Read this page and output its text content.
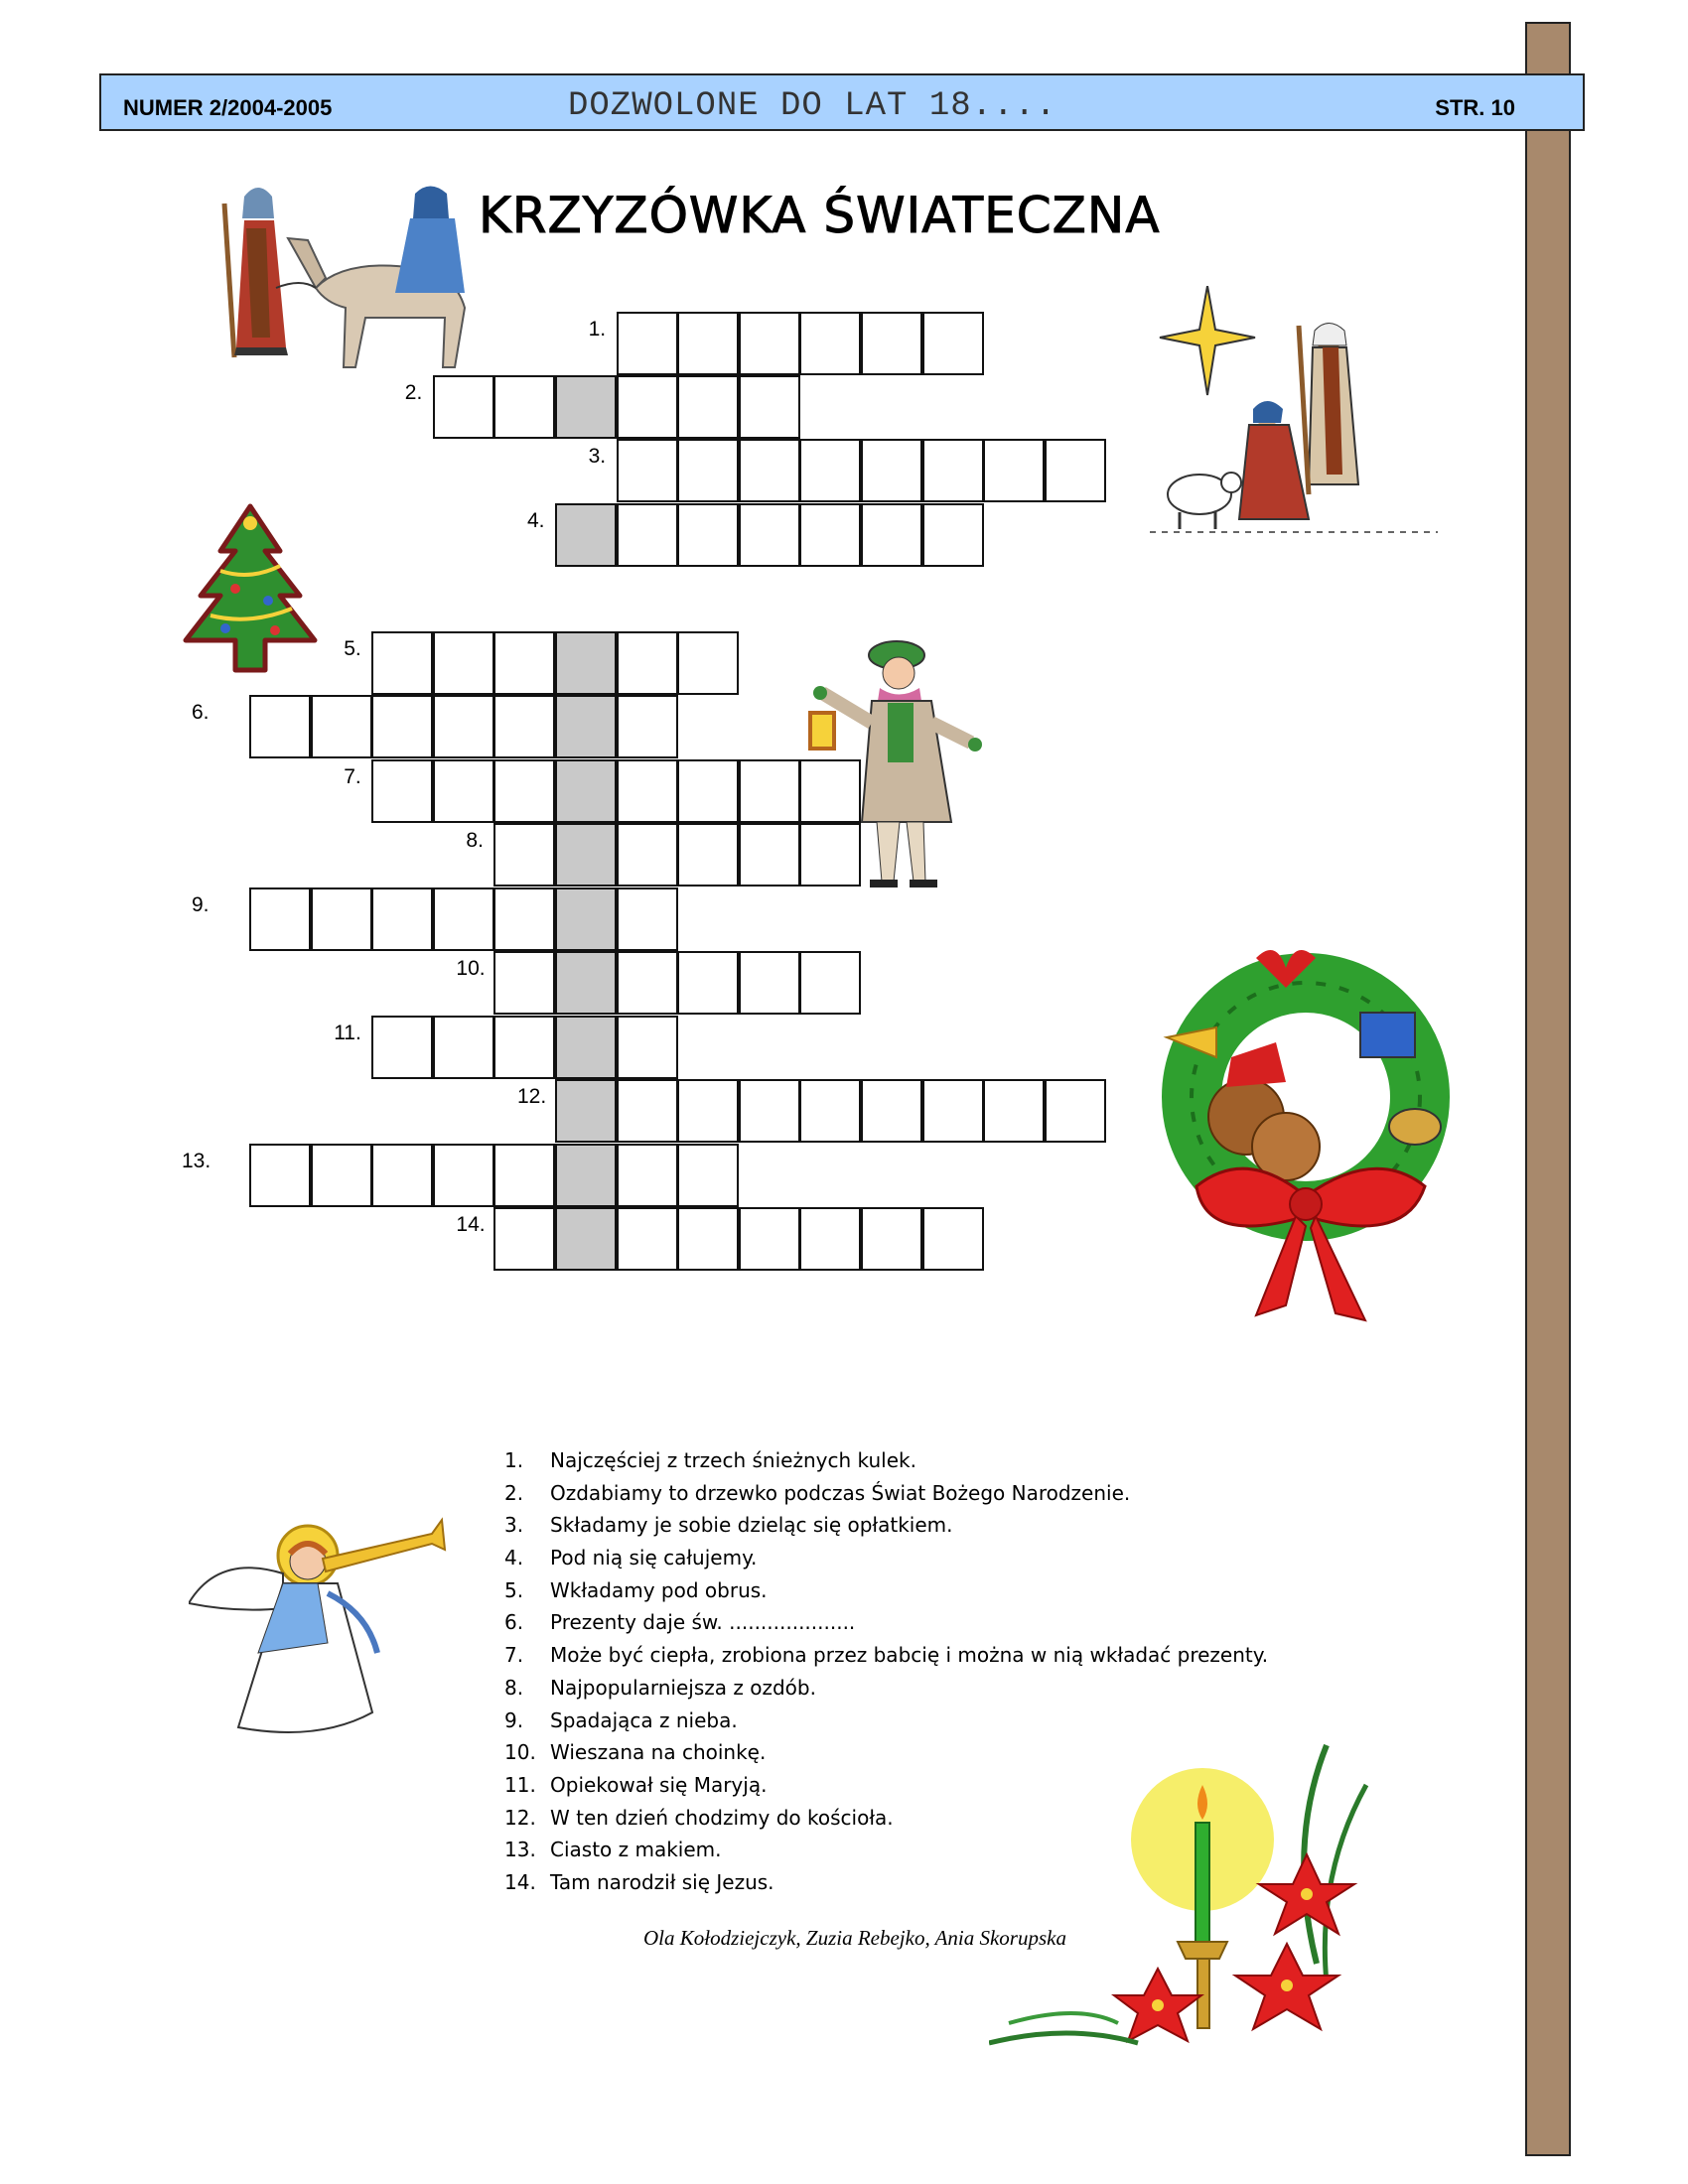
NUMER 2/2004-2005	DOZWOLONE DO LAT 18....	STR. 10
KRZYZÓWKA ŚWIATECZNA
1.
2.
3.
4.
5.
6.
7.
8.
9.
10.
11.
12.
13.
14.
1. Najczęściej z trzech śnieżnych kulek.
2. Ozdabiamy to drzewko podczas Świat Bożego Narodzenie.
3. Składamy je sobie dzieląc się opłatkiem.
4. Pod nią się całujemy.
5. Wkładamy pod obrus.
6. Prezenty daje św. ....................
7. Może być ciepła, zrobiona przez babcię i można w nią wkładać prezenty.
8. Najpopularniejsza z ozdób.
9. Spadająca z nieba.
10. Wieszana na choinkę.
11. Opiekował się Maryją.
12. W ten dzień chodzimy do kościoła.
13. Ciasto z makiem.
14. Tam narodził się Jezus.
Ola Kołodziejczyk, Zuzia Rebejko, Ania Skorupska
